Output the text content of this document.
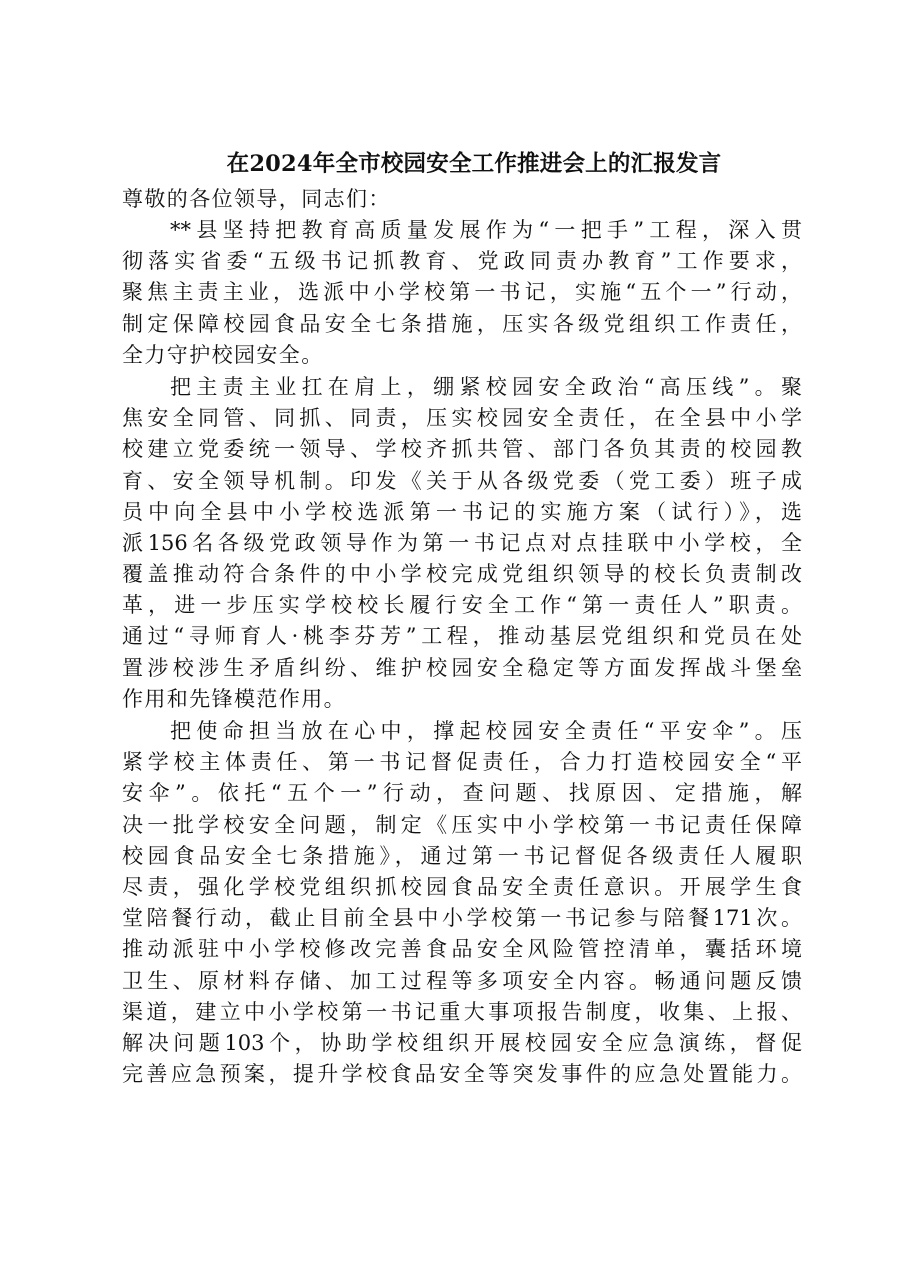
在2024年全市校园安全工作推进会上的汇报发言

尊敬的各位领导，同志们：

**县坚持把教育高质量发展作为“一把手”工程，深入贯
彻落实省委“五级书记抓教育、党政同责办教育”工作要求，
聚焦主责主业，选派中小学校第一书记，实施“五个一”行动，
制定保障校园食品安全七条措施，压实各级党组织工作责任，
全力守护校园安全。
把主责主业扛在肩上，绷紧校园安全政治“高压线”。聚
焦安全同管、同抓、同责，压实校园安全责任，在全县中小学
校建立党委统一领导、学校齐抓共管、部门各负其责的校园教
育、安全领导机制。印发《关于从各级党委（党工委）班子成
员中向全县中小学校选派第一书记的实施方案（试行）》，选
派156名各级党政领导作为第一书记点对点挂联中小学校，全
覆盖推动符合条件的中小学校完成党组织领导的校长负责制改
革，进一步压实学校校长履行安全工作“第一责任人”职责。
通过“寻师育人·桃李芬芳”工程，推动基层党组织和党员在处
置涉校涉生矛盾纠纷、维护校园安全稳定等方面发挥战斗堡垒
作用和先锋模范作用。
把使命担当放在心中，撑起校园安全责任“平安伞”。压
紧学校主体责任、第一书记督促责任，合力打造校园安全“平
安伞”。依托“五个一”行动，查问题、找原因、定措施，解
决一批学校安全问题，制定《压实中小学校第一书记责任保障
校园食品安全七条措施》，通过第一书记督促各级责任人履职
尽责，强化学校党组织抓校园食品安全责任意识。开展学生食
堂陪餐行动，截止目前全县中小学校第一书记参与陪餐171次。
推动派驻中小学校修改完善食品安全风险管控清单，囊括环境
卫生、原材料存储、加工过程等多项安全内容。畅通问题反馈
渠道，建立中小学校第一书记重大事项报告制度，收集、上报、
解决问题103个，协助学校组织开展校园安全应急演练，督促
完善应急预案，提升学校食品安全等突发事件的应急处置能力。
